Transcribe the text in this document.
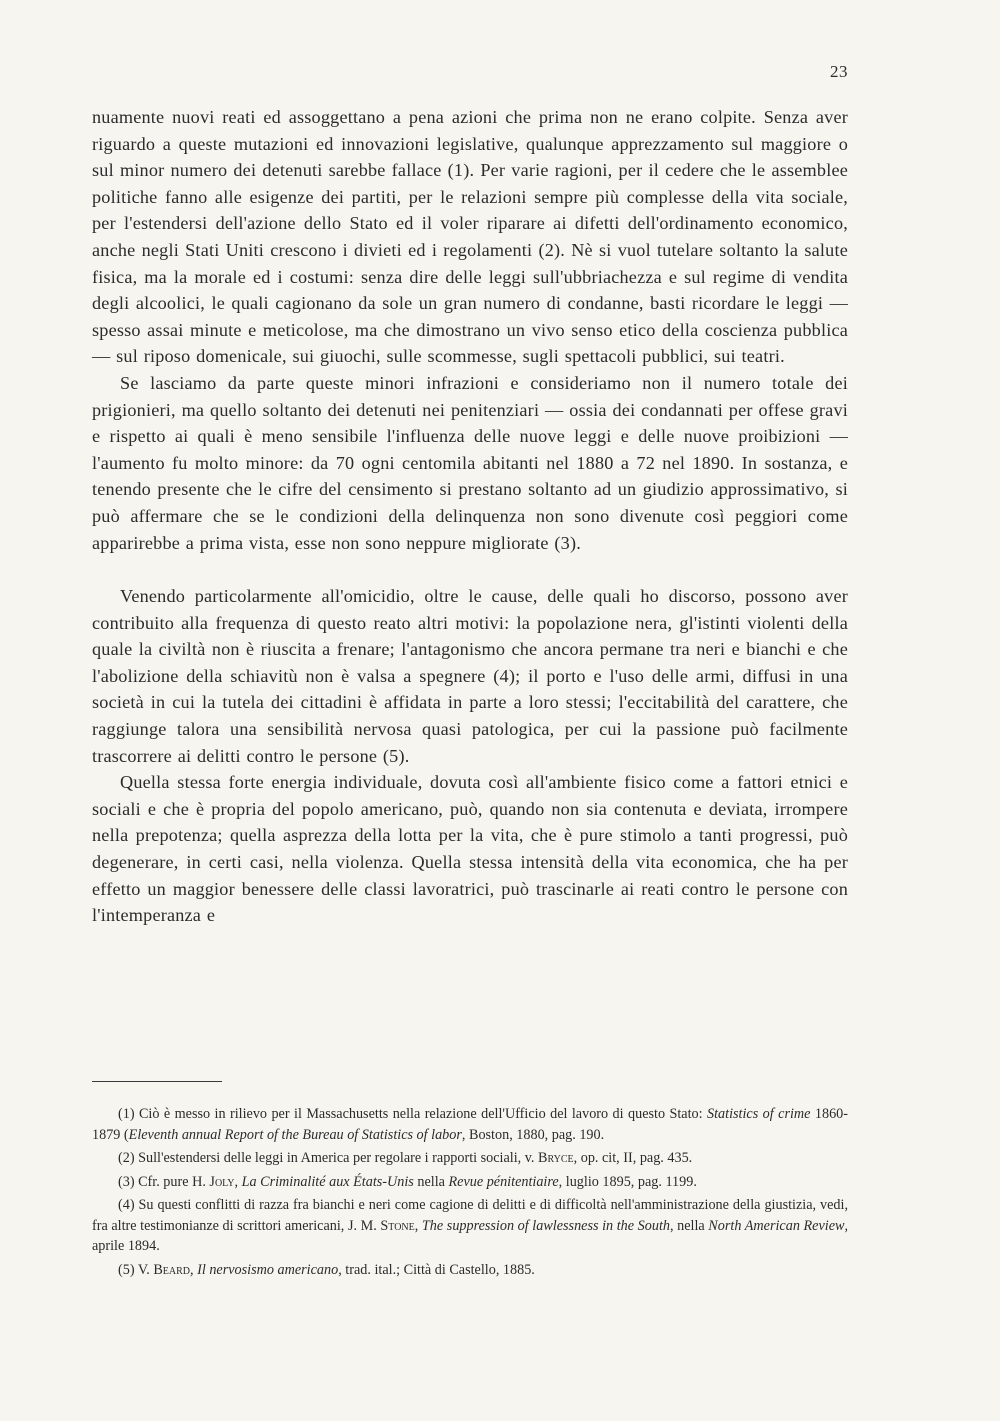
23

nuamente nuovi reati ed assoggettano a pena azioni che prima non ne erano colpite. Senza aver riguardo a queste mutazioni ed innovazioni legislative, qualunque apprezzamento sul maggiore o sul minor numero dei detenuti sarebbe fallace (1). Per varie ragioni, per il cedere che le assemblee politiche fanno alle esigenze dei partiti, per le relazioni sempre più complesse della vita sociale, per l'estendersi dell'azione dello Stato ed il voler riparare ai difetti dell'ordinamento economico, anche negli Stati Uniti crescono i divieti ed i regolamenti (2). Nè si vuol tutelare soltanto la salute fisica, ma la morale ed i costumi: senza dire delle leggi sull'ubbriachezza e sul regime di vendita degli alcoolici, le quali cagionano da sole un gran numero di condanne, basti ricordare le leggi — spesso assai minute e meticolose, ma che dimostrano un vivo senso etico della coscienza pubblica — sul riposo domenicale, sui giuochi, sulle scommesse, sugli spettacoli pubblici, sui teatri.

Se lasciamo da parte queste minori infrazioni e consideriamo non il numero totale dei prigionieri, ma quello soltanto dei detenuti nei penitenziari — ossia dei condannati per offese gravi e rispetto ai quali è meno sensibile l'influenza delle nuove leggi e delle nuove proibizioni — l'aumento fu molto minore: da 70 ogni centomila abitanti nel 1880 a 72 nel 1890. In sostanza, e tenendo presente che le cifre del censimento si prestano soltanto ad un giudizio approssimativo, si può affermare che se le condizioni della delinquenza non sono divenute così peggiori come apparirebbe a prima vista, esse non sono neppure migliorate (3).

Venendo particolarmente all'omicidio, oltre le cause, delle quali ho discorso, possono aver contribuito alla frequenza di questo reato altri motivi: la popolazione nera, gl'istinti violenti della quale la civiltà non è riuscita a frenare; l'antagonismo che ancora permane tra neri e bianchi e che l'abolizione della schiavitù non è valsa a spegnere (4); il porto e l'uso delle armi, diffusi in una società in cui la tutela dei cittadini è affidata in parte a loro stessi; l'eccitabilità del carattere, che raggiunge talora una sensibilità nervosa quasi patologica, per cui la passione può facilmente trascorrere ai delitti contro le persone (5).

Quella stessa forte energia individuale, dovuta così all'ambiente fisico come a fattori etnici e sociali e che è propria del popolo americano, può, quando non sia contenuta e deviata, irrompere nella prepotenza; quella asprezza della lotta per la vita, che è pure stimolo a tanti progressi, può degenerare, in certi casi, nella violenza. Quella stessa intensità della vita economica, che ha per effetto un maggior benessere delle classi lavoratrici, può trascinarle ai reati contro le persone con l'intemperanza e

(1) Ciò è messo in rilievo per il Massachusetts nella relazione dell'Ufficio del lavoro di questo Stato: Statistics of crime 1860-1879 (Eleventh annual Report of the Bureau of Statistics of labor, Boston, 1880, pag. 190.

(2) Sull'estendersi delle leggi in America per regolare i rapporti sociali, v. Bryce, op. cit, II, pag. 435.

(3) Cfr. pure H. Joly, La Criminalité aux États-Unis nella Revue pénitentiaire, luglio 1895, pag. 1199.

(4) Su questi conflitti di razza fra bianchi e neri come cagione di delitti e di difficoltà nell'amministrazione della giustizia, vedi, fra altre testimonianze di scrittori americani, J. M. Stone, The suppression of lawlessness in the South, nella North American Review, aprile 1894.

(5) V. Beard, Il nervosismo americano, trad. ital.; Città di Castello, 1885.
